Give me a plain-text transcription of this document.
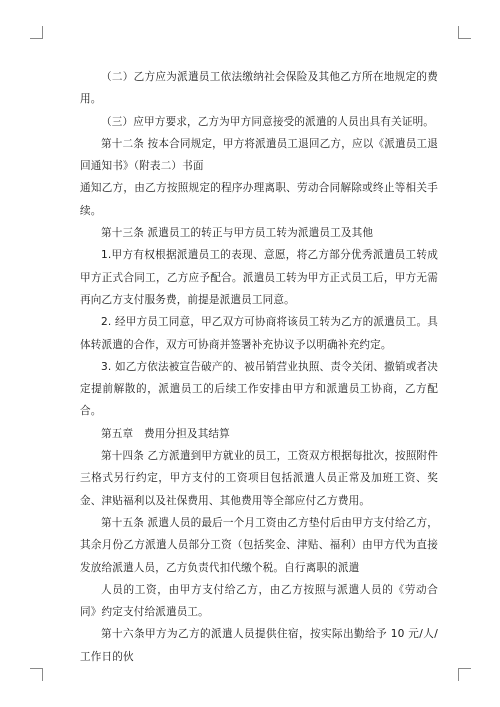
（二）乙方应为派遣员工依法缴纳社会保险及其他乙方所在地规定的费用。

（三）应甲方要求，乙方为甲方同意接受的派遣的人员出具有关证明。

第十二条 按本合同规定，甲方将派遣员工退回乙方，应以《派遣员工退回通知书》（附表二）书面

通知乙方，由乙方按照规定的程序办理离职、劳动合同解除或终止等相关手续。

第十三条 派遣员工的转正与甲方员工转为派遣员工及其他

1.甲方有权根据派遣员工的表现、意愿，将乙方部分优秀派遣员工转成甲方正式合同工，乙方应予配合。派遣员工转为甲方正式员工后，甲方无需再向乙方支付服务费，前提是派遣员工同意。

2. 经甲方员工同意，甲乙双方可协商将该员工转为乙方的派遣员工。具体转派遣的合作，双方可协商并签署补充协议予以明确补充约定。

3. 如乙方依法被宣告破产的、被吊销营业执照、责令关闭、撤销或者决定提前解散的，派遣员工的后续工作安排由甲方和派遣员工协商，乙方配合。

第五章　费用分担及其结算

第十四条 乙方派遣到甲方就业的员工，工资双方根据每批次，按照附件三格式另行约定，甲方支付的工资项目包括派遣人员正常及加班工资、奖金、津贴福利以及社保费用、其他费用等全部应付乙方费用。

第十五条 派遣人员的最后一个月工资由乙方垫付后由甲方支付给乙方，其余月份乙方派遣人员部分工资（包括奖金、津贴、福利）由甲方代为直接发放给派遣人员，乙方负责代扣代缴个税。自行离职的派遣

人员的工资，由甲方支付给乙方，由乙方按照与派遣人员的《劳动合同》约定支付给派遣员工。

第十六条甲方为乙方的派遣人员提供住宿，按实际出勤给予 10 元/人/工作日的伙
